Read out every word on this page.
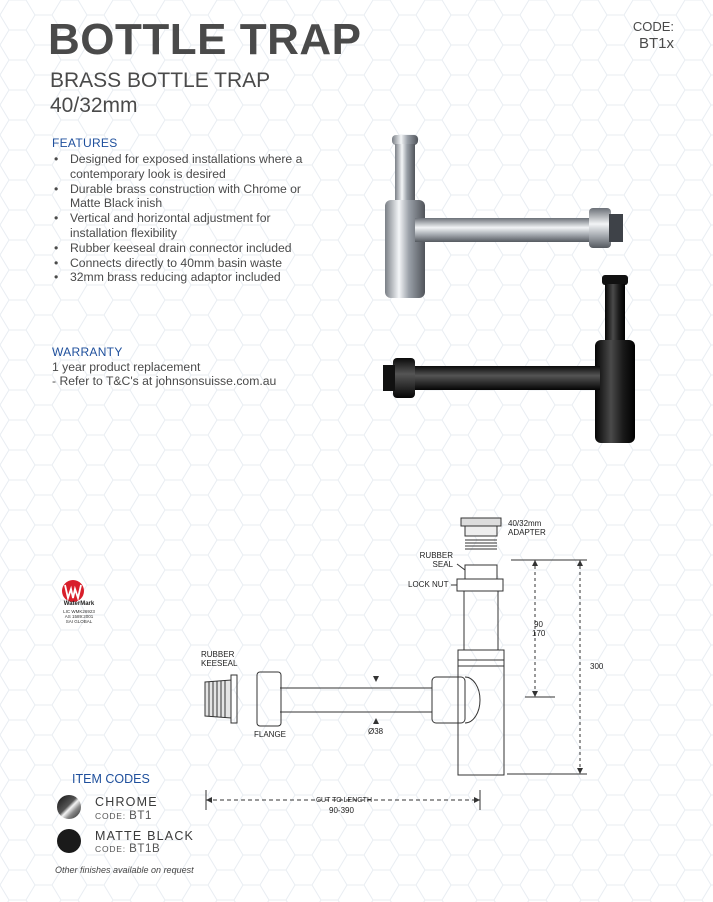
BOTTLE TRAP
BRASS BOTTLE TRAP
40/32mm
CODE:
BT1x
FEATURES
• Designed for exposed installations where a contemporary look is desired
• Durable brass construction with Chrome or Matte Black inish
• Vertical and horizontal adjustment for installation flexibility
• Rubber keeseal drain connector included
• Connects directly to 40mm basin waste
• 32mm brass reducing adaptor included
WARRANTY
1 year product replacement
- Refer to T&C's at johnsonsuisse.com.au
40/32mm
ADAPTER
RUBBER
SEAL
LOCK NUT
RUBBER
KEESEAL
FLANGE	Ø38
90
170
300
CUT TO LENGTH
90-390
WaterMark
LIC WMK26923
AS 1589:2001
SAI GLOBAL
ITEM CODES
CHROME
CODE: BT1
MATTE BLACK
CODE: BT1B
Other finishes available on request
